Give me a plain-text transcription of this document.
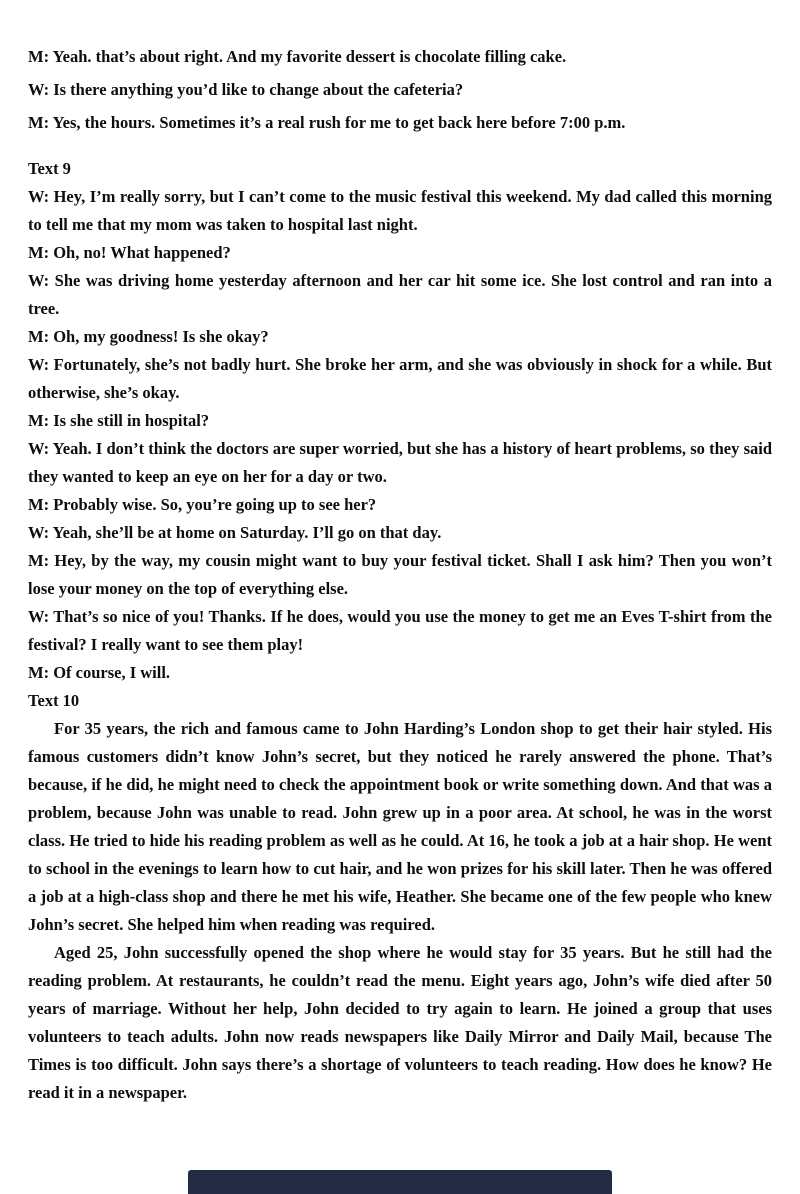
M: Yeah. that’s about right. And my favorite dessert is chocolate filling cake.

W: Is there anything you’d like to change about the cafeteria?

M: Yes, the hours. Sometimes it’s a real rush for me to get back here before 7:00 p.m.

Text 9

W: Hey, I’m really sorry, but I can’t come to the music festival this weekend. My dad called this morning to tell me that my mom was taken to hospital last night.

M: Oh, no! What happened?

W: She was driving home yesterday afternoon and her car hit some ice. She lost control and ran into a tree.

M: Oh, my goodness! Is she okay?

W: Fortunately, she’s not badly hurt. She broke her arm, and she was obviously in shock for a while. But otherwise, she’s okay.

M: Is she still in hospital?

W: Yeah. I don’t think the doctors are super worried, but she has a history of heart problems, so they said they wanted to keep an eye on her for a day or two.

M: Probably wise. So, you’re going up to see her?

W: Yeah, she’ll be at home on Saturday. I’ll go on that day.

M: Hey, by the way, my cousin might want to buy your festival ticket. Shall I ask him? Then you won’t lose your money on the top of everything else.

W: That’s so nice of you! Thanks. If he does, would you use the money to get me an Eves T-shirt from the festival? I really want to see them play!

M: Of course, I will.

Text 10

For 35 years, the rich and famous came to John Harding’s London shop to get their hair styled. His famous customers didn’t know John’s secret, but they noticed he rarely answered the phone. That’s because, if he did, he might need to check the appointment book or write something down. And that was a problem, because John was unable to read. John grew up in a poor area. At school, he was in the worst class. He tried to hide his reading problem as well as he could. At 16, he took a job at a hair shop. He went to school in the evenings to learn how to cut hair, and he won prizes for his skill later. Then he was offered a job at a high-class shop and there he met his wife, Heather. She became one of the few people who knew John’s secret. She helped him when reading was required.

Aged 25, John successfully opened the shop where he would stay for 35 years. But he still had the reading problem. At restaurants, he couldn’t read the menu. Eight years ago, John’s wife died after 50 years of marriage. Without her help, John decided to try again to learn. He joined a group that uses volunteers to teach adults. John now reads newspapers like Daily Mirror and Daily Mail, because The Times is too difficult. John says there’s a shortage of volunteers to teach reading. How does he know? He read it in a newspaper.
